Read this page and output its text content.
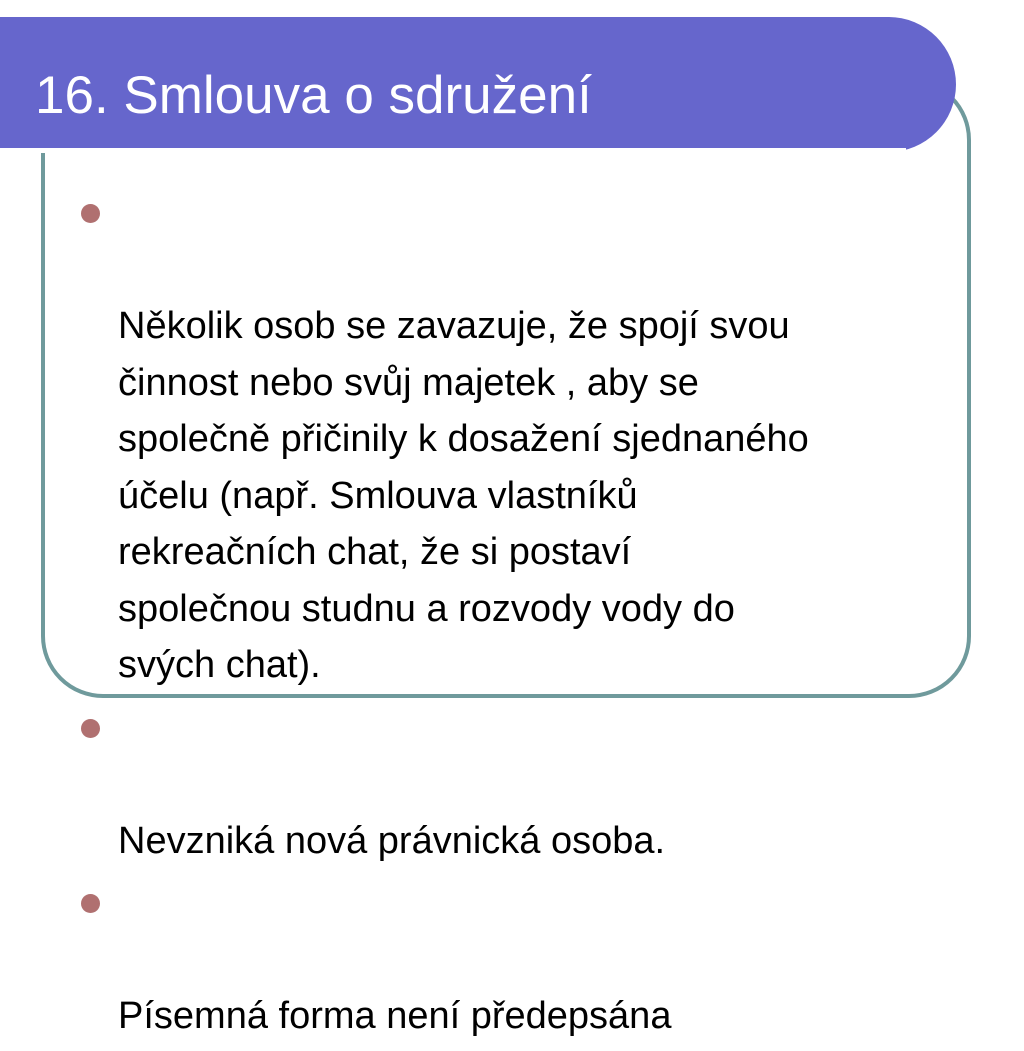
16. Smlouva o sdružení

Několik osob se zavazuje, že spojí svou
činnost nebo svůj majetek , aby se
společně přičinily k dosažení sjednaného
účelu (např. Smlouva vlastníků
rekreačních chat, že si postaví
společnou studnu a rozvody vody do
svých chat).

Nevzniká nová právnická osoba.

Písemná forma není předepsána
